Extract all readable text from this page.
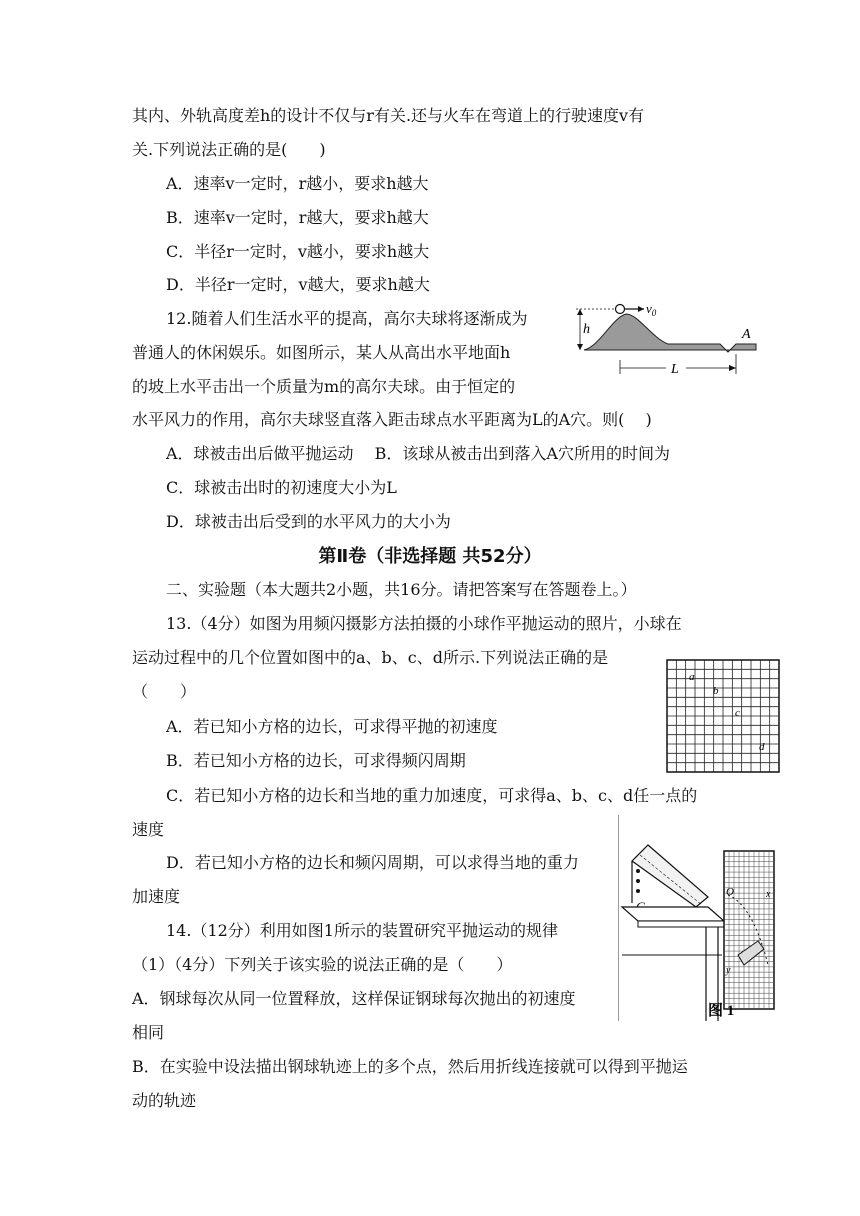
其内、外轨高度差h的设计不仅与r有关.还与火车在弯道上的行驶速度v有
关.下列说法正确的是(　　)
A．速率v一定时，r越小，要求h越大
B．速率v一定时，r越大，要求h越大
C．半径r一定时，v越小，要求h越大
D．半径r一定时，v越大，要求h越大
12.随着人们生活水平的提高，高尔夫球将逐渐成为
普通人的休闲娱乐。如图所示，某人从高出水平地面h
的坡上水平击出一个质量为m的高尔夫球。由于恒定的
水平风力的作用，高尔夫球竖直落入距击球点水平距离为L的A穴。则(　 )
A．球被击出后做平抛运动　 B．该球从被击出到落入A穴所用的时间为
C．球被击出时的初速度大小为L
D．球被击出后受到的水平风力的大小为
$v_0$
h	A
L
第Ⅱ卷（非选择题 共52分）
二、实验题（本大题共2小题，共16分。请把答案写在答题卷上。）
13.（4分）如图为用频闪摄影方法拍摄的小球作平抛运动的照片，小球在
运动过程中的几个位置如图中的a、b、c、d所示.下列说法正确的是
（　　）
A．若已知小方格的边长，可求得平抛的初速度
B．若已知小方格的边长，可求得频闪周期
C．若已知小方格的边长和当地的重力加速度，可求得a、b、c、d任一点的
速度
D．若已知小方格的边长和频闪周期，可以求得当地的重力
加速度
a
b
c
d
O	x
y
图 1
14.（12分）利用如图1所示的装置研究平抛运动的规律
（1）（4分）下列关于该实验的说法正确的是（　　）
A．钢球每次从同一位置释放，这样保证钢球每次抛出的初速度
相同
B．在实验中设法描出钢球轨迹上的多个点，然后用折线连接就可以得到平抛运
动的轨迹
